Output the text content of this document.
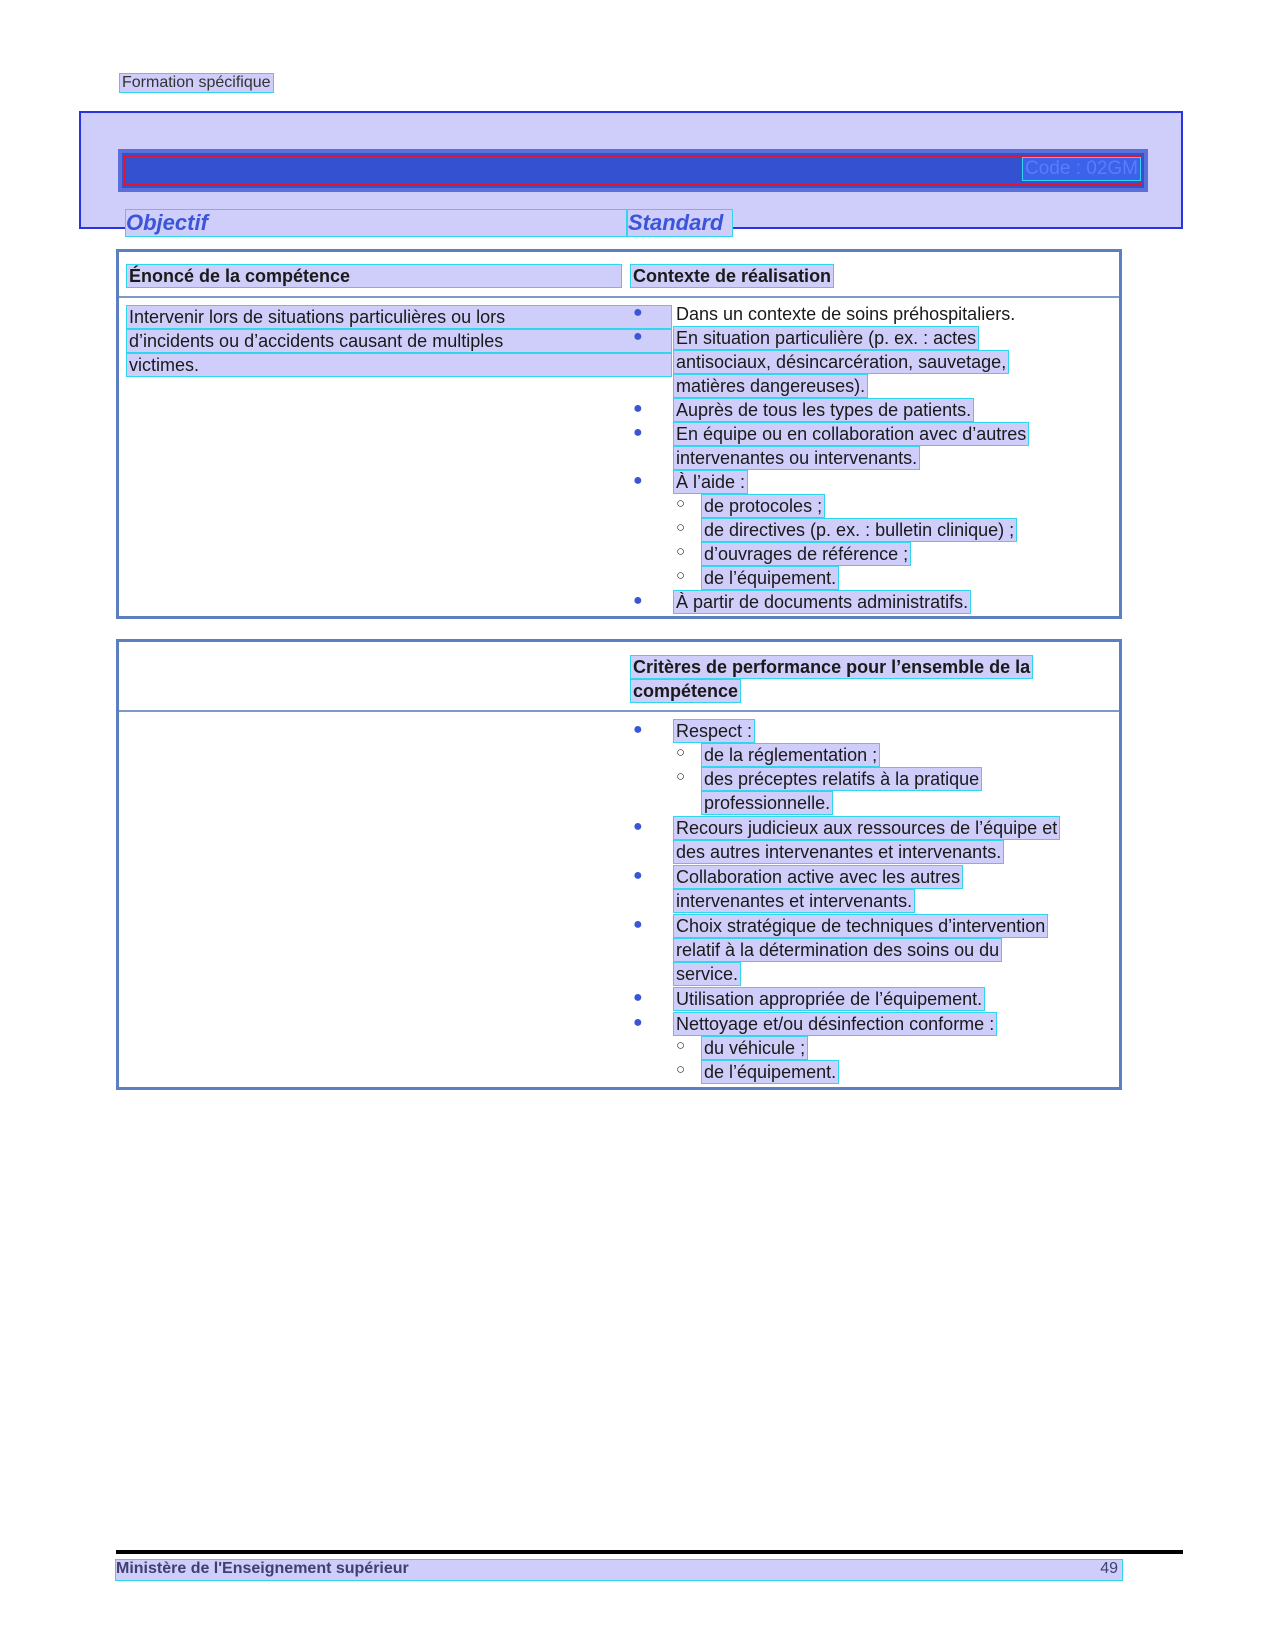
Formation spécifique
Code : 02GM
Objectif	Standard
Énoncé de la compétence	Contexte de réalisation
Intervenir lors de situations particulières ou lors
d’incidents ou d’accidents causant de multiples
victimes.
● Dans un contexte de soins préhospitaliers.
● En situation particulière (p. ex. : actes
antisociaux, désincarcération, sauvetage,
matières dangereuses).
● Auprès de tous les types de patients.
● En équipe ou en collaboration avec d’autres
intervenantes ou intervenants.
● À l’aide :
○ de protocoles ;
○ de directives (p. ex. : bulletin clinique) ;
○ d’ouvrages de référence ;
○ de l’équipement.
● À partir de documents administratifs.
Critères de performance pour l’ensemble de la
compétence
● Respect :
○ de la réglementation ;
○ des préceptes relatifs à la pratique
professionnelle.
● Recours judicieux aux ressources de l’équipe et
des autres intervenantes et intervenants.
● Collaboration active avec les autres
intervenantes et intervenants.
● Choix stratégique de techniques d’intervention
relatif à la détermination des soins ou du
service.
● Utilisation appropriée de l’équipement.
● Nettoyage et/ou désinfection conforme :
○ du véhicule ;
○ de l’équipement.
Ministère de l'Enseignement supérieur	49
